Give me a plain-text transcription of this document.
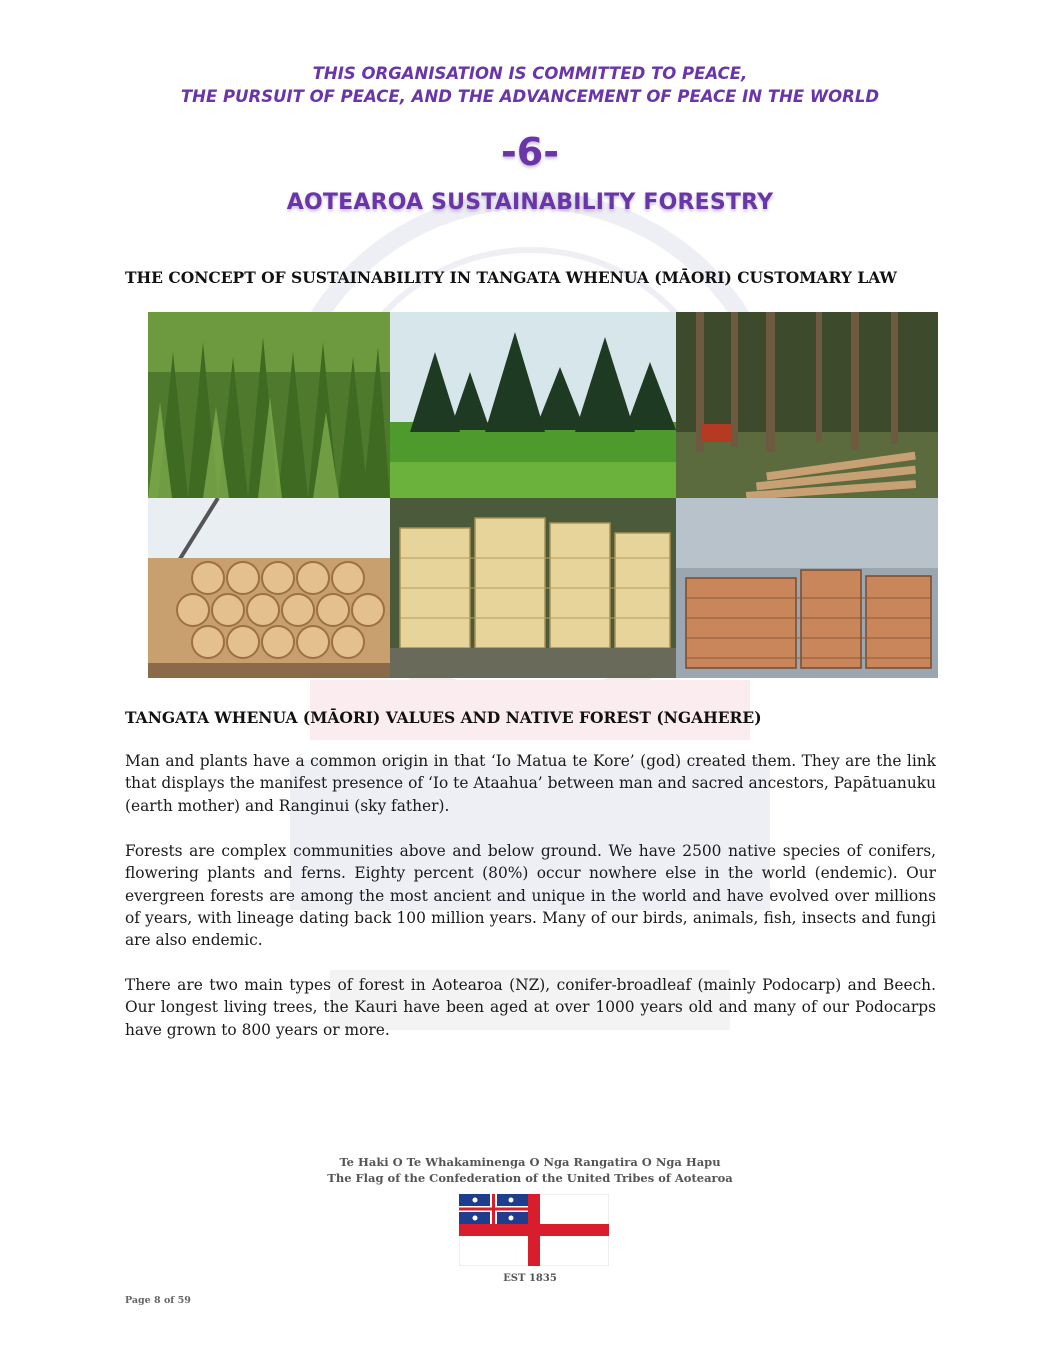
THIS ORGANISATION IS COMMITTED TO PEACE,
THE PURSUIT OF PEACE, AND THE ADVANCEMENT OF PEACE IN THE WORLD
-6-
AOTEAROA SUSTAINABILITY FORESTRY
THE CONCEPT OF SUSTAINABILITY IN TANGATA WHENUA (MĀORI) CUSTOMARY LAW
TANGATA WHENUA (MĀORI) VALUES AND NATIVE FOREST (NGAHERE)

Man and plants have a common origin in that ‘Io Matua te Kore’ (god) created them. They are the link that displays the manifest presence of ‘Io te Ataahua’ between man and sacred ancestors, Papātuanuku (earth mother) and Ranginui (sky father).

Forests are complex communities above and below ground. We have 2500 native species of conifers, flowering plants and ferns. Eighty percent (80%) occur nowhere else in the world (endemic). Our evergreen forests are among the most ancient and unique in the world and have evolved over millions of years, with lineage dating back 100 million years. Many of our birds, animals, fish, insects and fungi are also endemic.

There are two main types of forest in Aotearoa (NZ), conifer-broadleaf (mainly Podocarp) and Beech. Our longest living trees, the Kauri have been aged at over 1000 years old and many of our Podocarps have grown to 800 years or more.

Te Haki O Te Whakaminenga O Nga Rangatira O Nga Hapu
The Flag of the Confederation of the United Tribes of Aotearoa
EST 1835
Page 8 of 59
